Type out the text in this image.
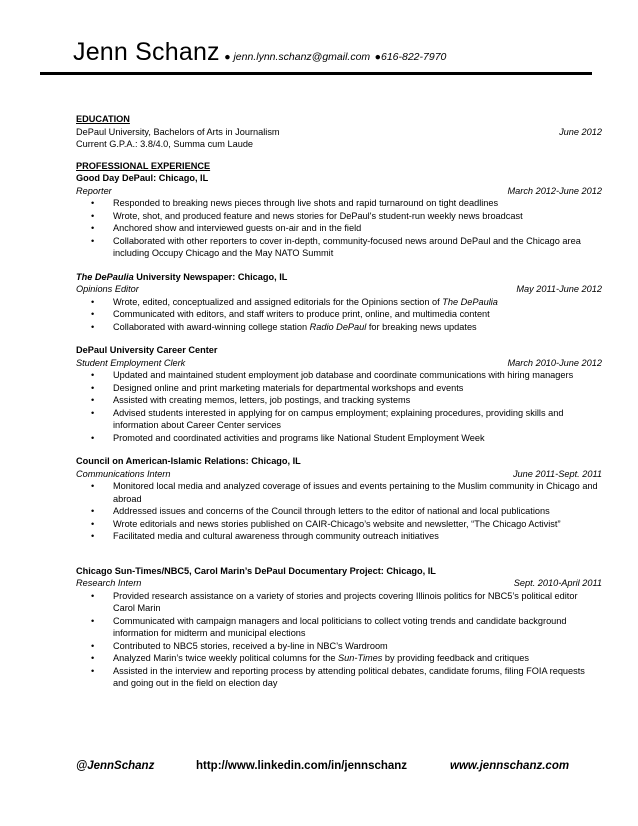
Jenn Schanz ● jenn.lynn.schanz@gmail.com ●616-822-7970
EDUCATION
DePaul University, Bachelors of Arts in Journalism	June 2012
Current G.P.A.: 3.8/4.0, Summa cum Laude
PROFESSIONAL EXPERIENCE
Good Day DePaul: Chicago, IL
Reporter	March 2012-June 2012
• Responded to breaking news pieces through live shots and rapid turnaround on tight deadlines
• Wrote, shot, and produced feature and news stories for DePaul's student-run weekly news broadcast
• Anchored show and interviewed guests on-air and in the field
• Collaborated with other reporters to cover in-depth, community-focused news around DePaul and the Chicago area including Occupy Chicago and the May NATO Summit
The DePaulia University Newspaper: Chicago, IL
Opinions Editor	May 2011-June 2012
• Wrote, edited, conceptualized and assigned editorials for the Opinions section of The DePaulia
• Communicated with editors, and staff writers to produce print, online, and multimedia content
• Collaborated with award-winning college station Radio DePaul for breaking news updates
DePaul University Career Center
Student Employment Clerk	March 2010-June 2012
• Updated and maintained student employment job database and coordinate communications with hiring managers
• Designed online and print marketing materials for departmental workshops and events
• Assisted with creating memos, letters, job postings, and tracking systems
• Advised students interested in applying for on campus employment; explaining procedures, providing skills and information about Career Center services
• Promoted and coordinated activities and programs like National Student Employment Week
Council on American-Islamic Relations: Chicago, IL
Communications Intern	June 2011-Sept. 2011
• Monitored local media and analyzed coverage of issues and events pertaining to the Muslim community in Chicago and abroad
• Addressed issues and concerns of the Council through letters to the editor of national and local publications
• Wrote editorials and news stories published on CAIR-Chicago’s website and newsletter, “The Chicago Activist”
• Facilitated media and cultural awareness through community outreach initiatives
Chicago Sun-Times/NBC5, Carol Marin’s DePaul Documentary Project: Chicago, IL
Research Intern	Sept. 2010-April 2011
• Provided research assistance on a variety of stories and projects covering Illinois politics for NBC5’s political editor Carol Marin
• Communicated with campaign managers and local politicians to collect voting trends and candidate background information for midterm and municipal elections
• Contributed to NBC5 stories, received a by-line in NBC’s Wardroom
• Analyzed Marin’s twice weekly political columns for the Sun-Times by providing feedback and critiques
• Assisted in the interview and reporting process by attending political debates, candidate forums, filing FOIA requests and going out in the field on election day
@JennSchanz	http://www.linkedin.com/in/jennschanz	www.jennschanz.com
